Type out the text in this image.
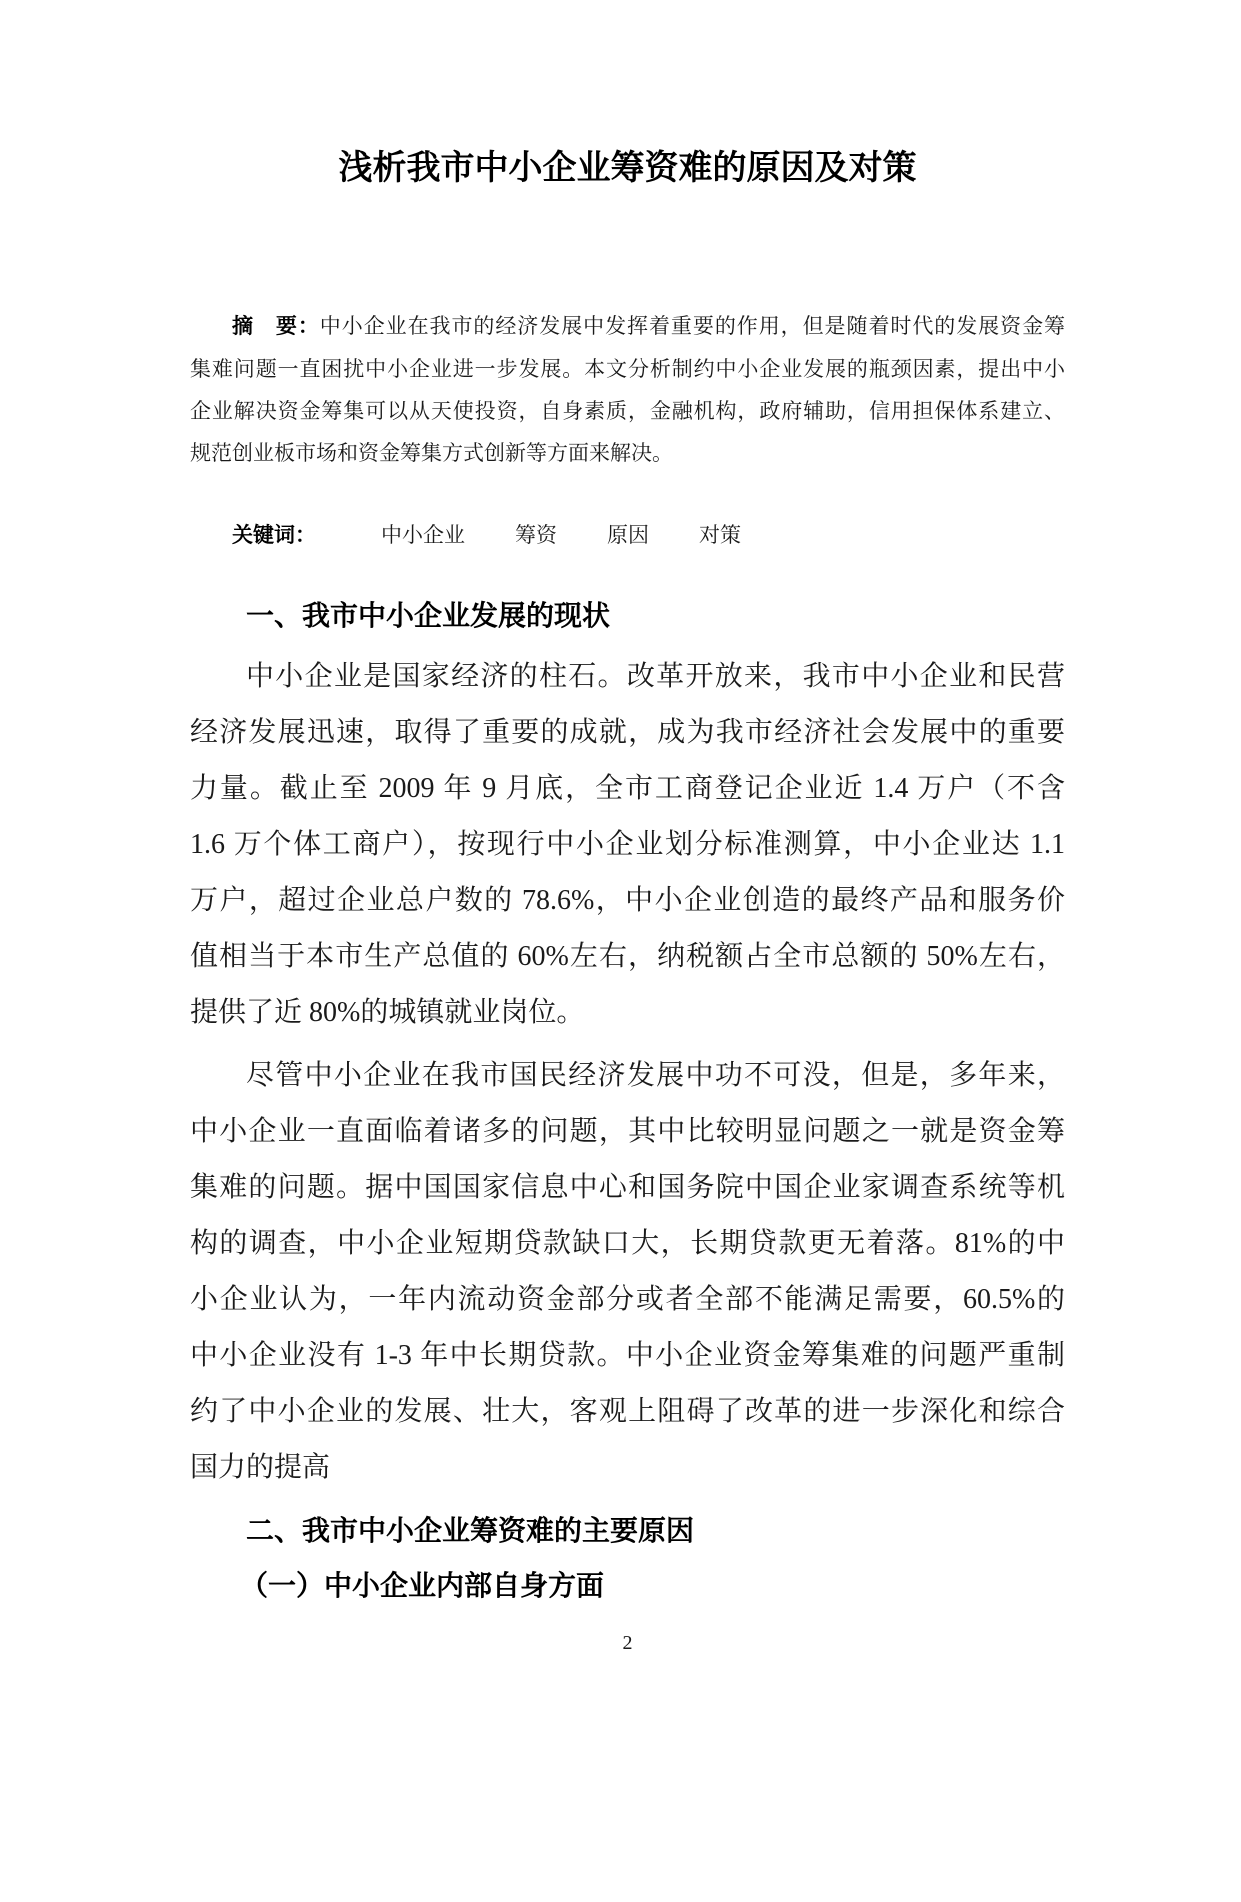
浅析我市中小企业筹资难的原因及对策
摘　要：中小企业在我市的经济发展中发挥着重要的作用，但是随着时代的发展资金筹
集难问题一直困扰中小企业进一步发展。本文分析制约中小企业发展的瓶颈因素，提出中小
企业解决资金筹集可以从天使投资，自身素质，金融机构，政府辅助，信用担保体系建立、
规范创业板市场和资金筹集方式创新等方面来解决。
关键词：	中小企业 筹资 原因 对策
一、我市中小企业发展的现状
中小企业是国家经济的柱石。改革开放来，我市中小企业和民营
经济发展迅速，取得了重要的成就，成为我市经济社会发展中的重要
力量。截止至 2009 年 9 月底，全市工商登记企业近 1.4 万户（不含
1.6 万个体工商户），按现行中小企业划分标准测算，中小企业达 1.1
万户，超过企业总户数的 78.6%，中小企业创造的最终产品和服务价
值相当于本市生产总值的 60%左右，纳税额占全市总额的 50%左右，
提供了近 80%的城镇就业岗位。
尽管中小企业在我市国民经济发展中功不可没，但是，多年来，
中小企业一直面临着诸多的问题，其中比较明显问题之一就是资金筹
集难的问题。据中国国家信息中心和国务院中国企业家调查系统等机
构的调查，中小企业短期贷款缺口大，长期贷款更无着落。81%的中
小企业认为，一年内流动资金部分或者全部不能满足需要，60.5%的
中小企业没有 1-3 年中长期贷款。中小企业资金筹集难的问题严重制
约了中小企业的发展、壮大，客观上阻碍了改革的进一步深化和综合
国力的提高
二、我市中小企业筹资难的主要原因
（一）中小企业内部自身方面
2
